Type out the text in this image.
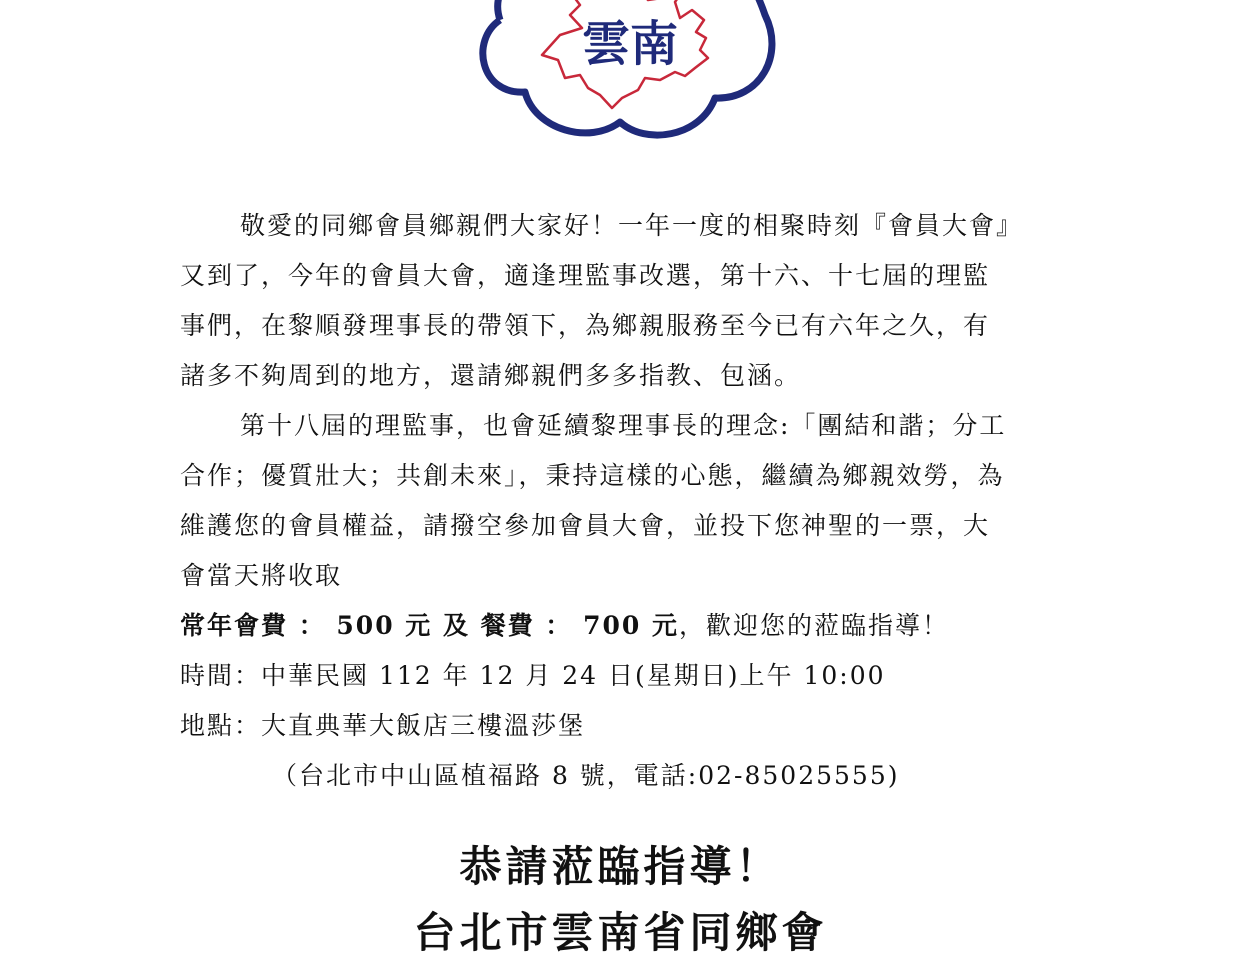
雲南
敬愛的同鄉會員鄉親們大家好！一年一度的相聚時刻『會員大會』
又到了，今年的會員大會，適逢理監事改選，第十六、十七屆的理監
事們，在黎順發理事長的帶領下，為鄉親服務至今已有六年之久，有
諸多不夠周到的地方，還請鄉親們多多指教、包涵。
第十八屆的理監事，也會延續黎理事長的理念:「團結和諧；分工
合作；優質壯大；共創未來」，秉持這樣的心態，繼續為鄉親效勞，為
維護您的會員權益，請撥空參加會員大會，並投下您神聖的一票，大
會當天將收取
常年會費 ： 500 元 及 餐費 ： 700 元，歡迎您的蒞臨指導！
時間：中華民國 112 年 12 月 24 日(星期日)上午 10:00
地點：大直典華大飯店三樓溫莎堡
（台北市中山區植福路 8 號，電話:02-85025555)
恭請蒞臨指導！
台北市雲南省同鄉會
